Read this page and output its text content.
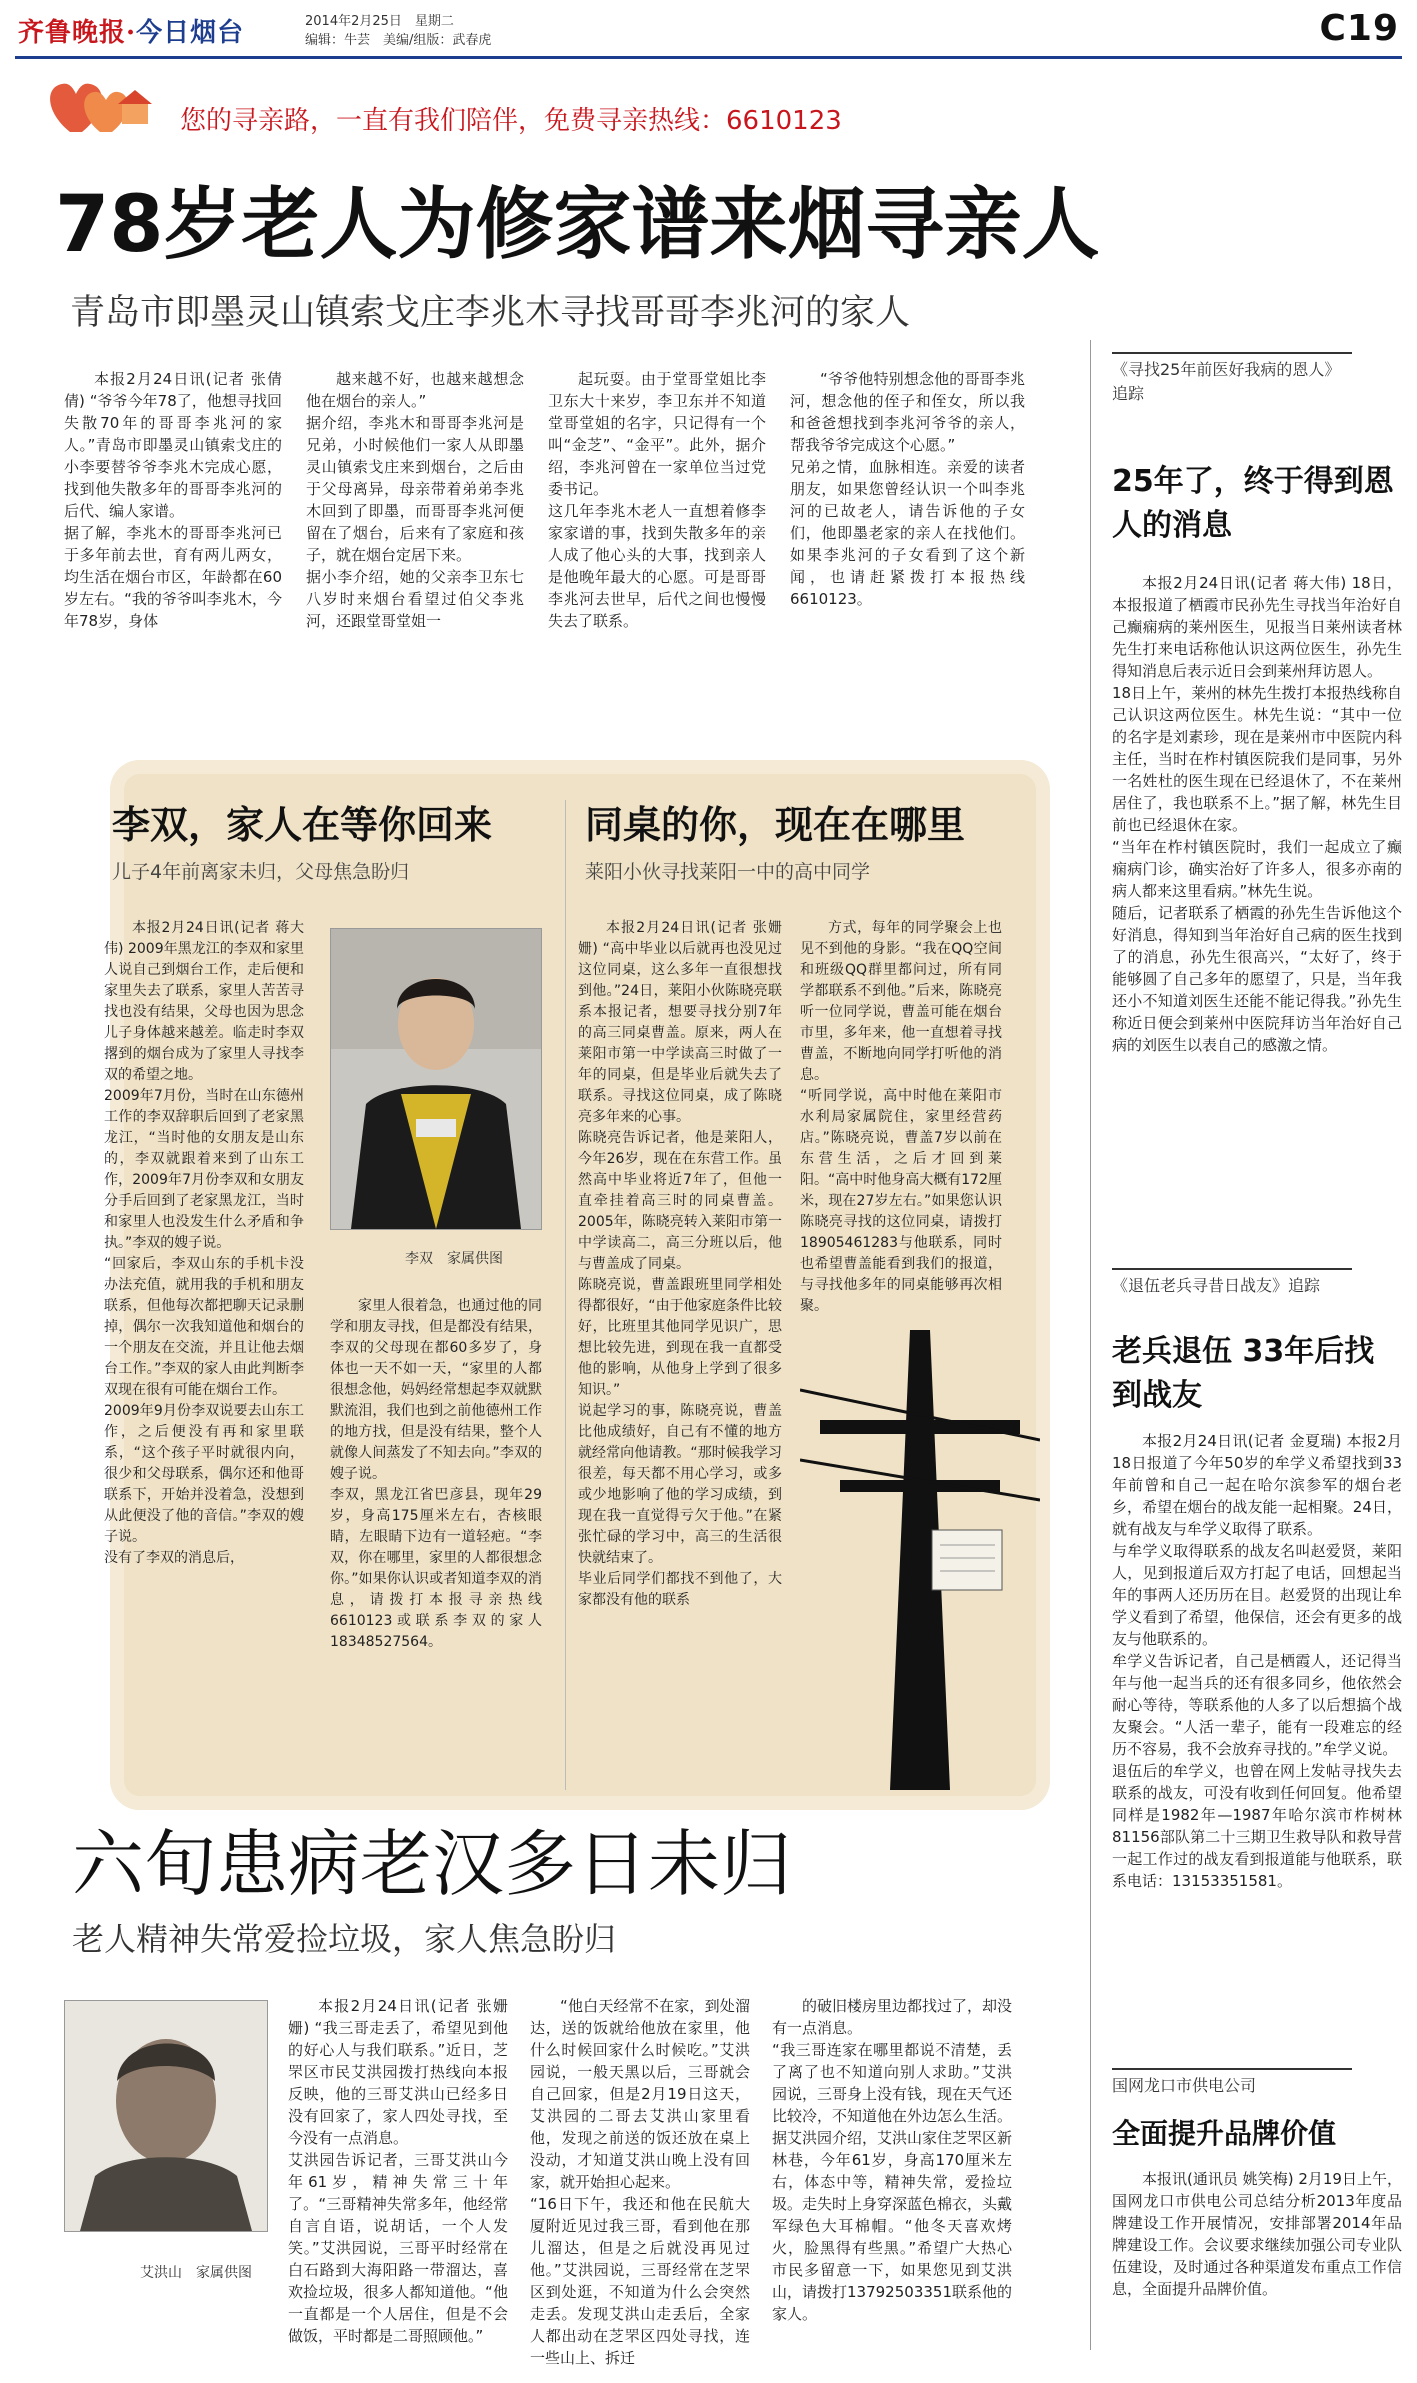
齐鲁晚报·今日烟台	2014年2月25日　星期二
编辑：牛芸　美编/组版：武春虎	C19
您的寻亲路，一直有我们陪伴，免费寻亲热线：6610123
78岁老人为修家谱来烟寻亲人
青岛市即墨灵山镇索戈庄李兆木寻找哥哥李兆河的家人

本报2月24日讯(记者 张倩倩) “爷爷今年78了，他想寻找回失散70年的哥哥李兆河的家人。”青岛市即墨灵山镇索戈庄的小李要替爷爷李兆木完成心愿，找到他失散多年的哥哥李兆河的后代、编人家谱。
据了解，李兆木的哥哥李兆河已于多年前去世，育有两儿两女，均生活在烟台市区，年龄都在60岁左右。“我的爷爷叫李兆木，今年78岁，身体

越来越不好，也越来越想念他在烟台的亲人。”
据介绍，李兆木和哥哥李兆河是兄弟，小时候他们一家人从即墨灵山镇索戈庄来到烟台，之后由于父母离异，母亲带着弟弟李兆木回到了即墨，而哥哥李兆河便留在了烟台，后来有了家庭和孩子，就在烟台定居下来。
据小李介绍，她的父亲李卫东七八岁时来烟台看望过伯父李兆河，还跟堂哥堂姐一

起玩耍。由于堂哥堂姐比李卫东大十来岁，李卫东并不知道堂哥堂姐的名字，只记得有一个叫“金芝”、“金平”。此外，据介绍，李兆河曾在一家单位当过党委书记。
这几年李兆木老人一直想着修李家家谱的事，找到失散多年的亲人成了他心头的大事，找到亲人是他晚年最大的心愿。可是哥哥李兆河去世早，后代之间也慢慢失去了联系。

“爷爷他特别想念他的哥哥李兆河，想念他的侄子和侄女，所以我和爸爸想找到李兆河爷爷的亲人，帮我爷爷完成这个心愿。”
兄弟之情，血脉相连。亲爱的读者朋友，如果您曾经认识一个叫李兆河的已故老人，请告诉他的子女们，他即墨老家的亲人在找他们。如果李兆河的子女看到了这个新闻，也请赶紧拨打本报热线6610123。

李双，家人在等你回来
儿子4年前离家未归，父母焦急盼归

本报2月24日讯(记者 蒋大伟) 2009年黑龙江的李双和家里人说自己到烟台工作，走后便和家里失去了联系，家里人苦苦寻找也没有结果，父母也因为思念儿子身体越来越差。临走时李双撂到的烟台成为了家里人寻找李双的希望之地。
2009年7月份，当时在山东德州工作的李双辞职后回到了老家黑龙江，“当时他的女朋友是山东的，李双就跟着来到了山东工作，2009年7月份李双和女朋友分手后回到了老家黑龙江，当时和家里人也没发生什么矛盾和争执。”李双的嫂子说。
“回家后，李双山东的手机卡没办法充值，就用我的手机和朋友联系，但他每次都把聊天记录删掉，偶尔一次我知道他和烟台的一个朋友在交流，并且让他去烟台工作。”李双的家人由此判断李双现在很有可能在烟台工作。
2009年9月份李双说要去山东工作，之后便没有再和家里联系，“这个孩子平时就很内向，很少和父母联系，偶尔还和他哥联系下，开始并没着急，没想到从此便没了他的音信。”李双的嫂子说。
没有了李双的消息后，

李双　家属供图

家里人很着急，也通过他的同学和朋友寻找，但是都没有结果，李双的父母现在都60多岁了，身体也一天不如一天，“家里的人都很想念他，妈妈经常想起李双就默默流泪，我们也到之前他德州工作的地方找，但是没有结果，整个人就像人间蒸发了不知去向。”李双的嫂子说。
李双，黑龙江省巴彦县，现年29岁，身高175厘米左右，杏核眼睛，左眼睛下边有一道轻疤。“李双，你在哪里，家里的人都很想念你。”如果你认识或者知道李双的消息，请拨打本报寻亲热线6610123或联系李双的家人18348527564。

同桌的你，现在在哪里
莱阳小伙寻找莱阳一中的高中同学

本报2月24日讯(记者 张姗姗) “高中毕业以后就再也没见过这位同桌，这么多年一直很想找到他。”24日，莱阳小伙陈晓亮联系本报记者，想要寻找分别7年的高三同桌曹盖。原来，两人在莱阳市第一中学读高三时做了一年的同桌，但是毕业后就失去了联系。寻找这位同桌，成了陈晓亮多年来的心事。
陈晓亮告诉记者，他是莱阳人，今年26岁，现在在东营工作。虽然高中毕业将近7年了，但他一直牵挂着高三时的同桌曹盖。2005年，陈晓亮转入莱阳市第一中学读高二，高三分班以后，他与曹盖成了同桌。
陈晓亮说，曹盖跟班里同学相处得都很好，“由于他家庭条件比较好，比班里其他同学见识广，思想比较先进，到现在我一直都受他的影响，从他身上学到了很多知识。”
说起学习的事，陈晓亮说，曹盖比他成绩好，自己有不懂的地方就经常向他请教。“那时候我学习很差，每天都不用心学习，或多或少地影响了他的学习成绩，到现在我一直觉得亏欠于他。”在紧张忙碌的学习中，高三的生活很快就结束了。
毕业后同学们都找不到他了，大家都没有他的联系

方式，每年的同学聚会上也见不到他的身影。“我在QQ空间和班级QQ群里都问过，所有同学都联系不到他。”后来，陈晓亮听一位同学说，曹盖可能在烟台市里，多年来，他一直想着寻找曹盖，不断地向同学打听他的消息。
“听同学说，高中时他在莱阳市水利局家属院住，家里经营药店。”陈晓亮说，曹盖7岁以前在东营生活，之后才回到莱阳。“高中时他身高大概有172厘米，现在27岁左右。”如果您认识陈晓亮寻找的这位同桌，请拨打18905461283与他联系，同时也希望曹盖能看到我们的报道，与寻找他多年的同桌能够再次相聚。

六旬患病老汉多日未归
老人精神失常爱捡垃圾，家人焦急盼归
艾洪山　家属供图

本报2月24日讯(记者 张姗姗) “我三哥走丢了，希望见到他的好心人与我们联系。”近日，芝罘区市民艾洪园拨打热线向本报反映，他的三哥艾洪山已经多日没有回家了，家人四处寻找，至今没有一点消息。
艾洪园告诉记者，三哥艾洪山今年61岁，精神失常三十年了。“三哥精神失常多年，他经常自言自语，说胡话，一个人发笑。”艾洪园说，三哥平时经常在白石路到大海阳路一带溜达，喜欢捡垃圾，很多人都知道他。“他一直都是一个人居住，但是不会做饭，平时都是二哥照顾他。”

“他白天经常不在家，到处溜达，送的饭就给他放在家里，他什么时候回家什么时候吃。”艾洪园说，一般天黑以后，三哥就会自己回家，但是2月19日这天，艾洪园的二哥去艾洪山家里看他，发现之前送的饭还放在桌上没动，才知道艾洪山晚上没有回家，就开始担心起来。
“16日下午，我还和他在民航大厦附近见过我三哥，看到他在那儿溜达，但是之后就没再见过他。”艾洪园说，三哥经常在芝罘区到处逛，不知道为什么会突然走丢。发现艾洪山走丢后，全家人都出动在芝罘区四处寻找，连一些山上、拆迁

的破旧楼房里边都找过了，却没有一点消息。
“我三哥连家在哪里都说不清楚，丢了离了也不知道向别人求助。”艾洪园说，三哥身上没有钱，现在天气还比较冷，不知道他在外边怎么生活。
据艾洪园介绍，艾洪山家住芝罘区新林巷，今年61岁，身高170厘米左右，体态中等，精神失常，爱捡垃圾。走失时上身穿深蓝色棉衣，头戴军绿色大耳棉帽。“他冬天喜欢烤火，脸黑得有些黑。”希望广大热心市民多留意一下，如果您见到艾洪山，请拨打13792503351联系他的家人。

《寻找25年前医好我病的恩人》追踪
25年了，终于得到恩人的消息

本报2月24日讯(记者 蒋大伟) 18日，本报报道了栖霞市民孙先生寻找当年治好自己癫痫病的莱州医生，见报当日莱州读者林先生打来电话称他认识这两位医生，孙先生得知消息后表示近日会到莱州拜访恩人。
18日上午，莱州的林先生拨打本报热线称自己认识这两位医生。林先生说：“其中一位的名字是刘素珍，现在是莱州市中医院内科主任，当时在柞村镇医院我们是同事，另外一名姓杜的医生现在已经退休了，不在莱州居住了，我也联系不上。”据了解，林先生目前也已经退休在家。
“当年在柞村镇医院时，我们一起成立了癫痫病门诊，确实治好了许多人，很多亦南的病人都来这里看病。”林先生说。
随后，记者联系了栖霞的孙先生告诉他这个好消息，得知到当年治好自己病的医生找到了的消息，孙先生很高兴，“太好了，终于能够圆了自己多年的愿望了，只是，当年我还小不知道刘医生还能不能记得我。”孙先生称近日便会到莱州中医院拜访当年治好自己病的刘医生以表自己的感激之情。

《退伍老兵寻昔日战友》追踪
老兵退伍 33年后找到战友

本报2月24日讯(记者 金夏瑞) 本报2月18日报道了今年50岁的牟学义希望找到33年前曾和自己一起在哈尔滨参军的烟台老乡，希望在烟台的战友能一起相聚。24日，就有战友与牟学义取得了联系。
与牟学义取得联系的战友名叫赵爱贤，莱阳人，见到报道后双方打起了电话，回想起当年的事两人还历历在目。赵爱贤的出现让牟学义看到了希望，他保信，还会有更多的战友与他联系的。
牟学义告诉记者，自己是栖霞人，还记得当年与他一起当兵的还有很多同乡，他依然会耐心等待，等联系他的人多了以后想搞个战友聚会。“人活一辈子，能有一段难忘的经历不容易，我不会放弃寻找的。”牟学义说。
退伍后的牟学义，也曾在网上发帖寻找失去联系的战友，可没有收到任何回复。他希望同样是1982年—1987年哈尔滨市柞树林81156部队第二十三期卫生救导队和救导营一起工作过的战友看到报道能与他联系，联系电话：13153351581。

国网龙口市供电公司
全面提升品牌价值

本报讯(通讯员 姚笑梅) 2月19日上午，国网龙口市供电公司总结分析2013年度品牌建设工作开展情况，安排部署2014年品牌建设工作。会议要求继续加强公司专业队伍建设，及时通过各种渠道发布重点工作信息，全面提升品牌价值。
